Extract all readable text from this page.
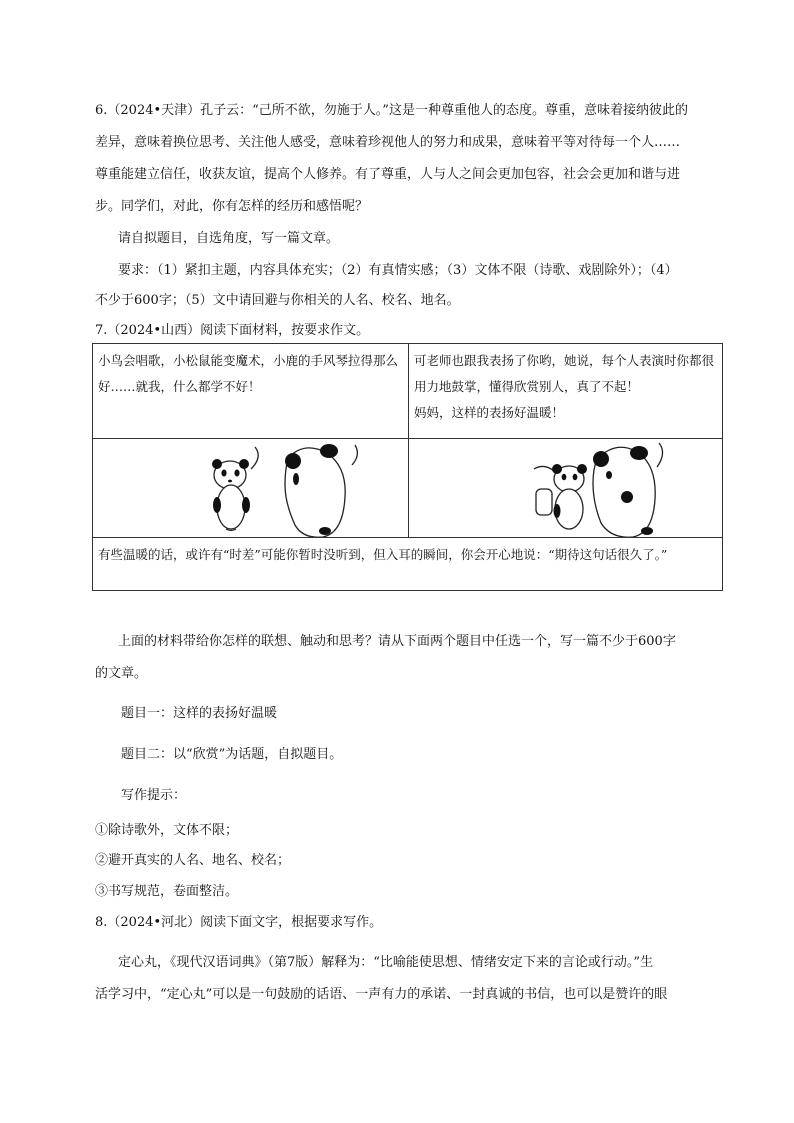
6.（2024•天津）孔子云：“己所不欲，勿施于人。”这是一种尊重他人的态度。尊重，意味着接纳彼此的
差异，意味着换位思考、关注他人感受，意味着珍视他人的努力和成果，意味着平等对待每一个人……
尊重能建立信任，收获友谊，提高个人修养。有了尊重，人与人之间会更加包容，社会会更加和谐与进
步。同学们，对此，你有怎样的经历和感悟呢？
请自拟题目，自选角度，写一篇文章。
要求：（1）紧扣主题，内容具体充实；（2）有真情实感；（3）文体不限（诗歌、戏剧除外）；（4）
不少于600字；（5）文中请回避与你相关的人名、校名、地名。
7.（2024•山西）阅读下面材料，按要求作文。
小鸟会唱歌，小松鼠能变魔术，小鹿的手风琴拉得那么好……就我，什么都学不好！	可老师也跟我表扬了你哟，她说，每个人表演时你都很用力地鼓掌，懂得欣赏别人，真了不起！
妈妈，这样的表扬好温暖！

有些温暖的话，或许有“时差”可能你暂时没听到，但入耳的瞬间，你会开心地说：“期待这句话很久了。”	
上面的材料带给你怎样的联想、触动和思考？请从下面两个题目中任选一个，写一篇不少于600字
的文章。
题目一：这样的表扬好温暖
题目二：以“欣赏”为话题，自拟题目。
写作提示：
①除诗歌外，文体不限；
②避开真实的人名、地名、校名；
③书写规范，卷面整洁。
8.（2024•河北）阅读下面文字，根据要求写作。
定心丸，《现代汉语词典》（第7版）解释为：“比喻能使思想、情绪安定下来的言论或行动。”生
活学习中，“定心丸”可以是一句鼓励的话语、一声有力的承诺、一封真诚的书信，也可以是赞许的眼
